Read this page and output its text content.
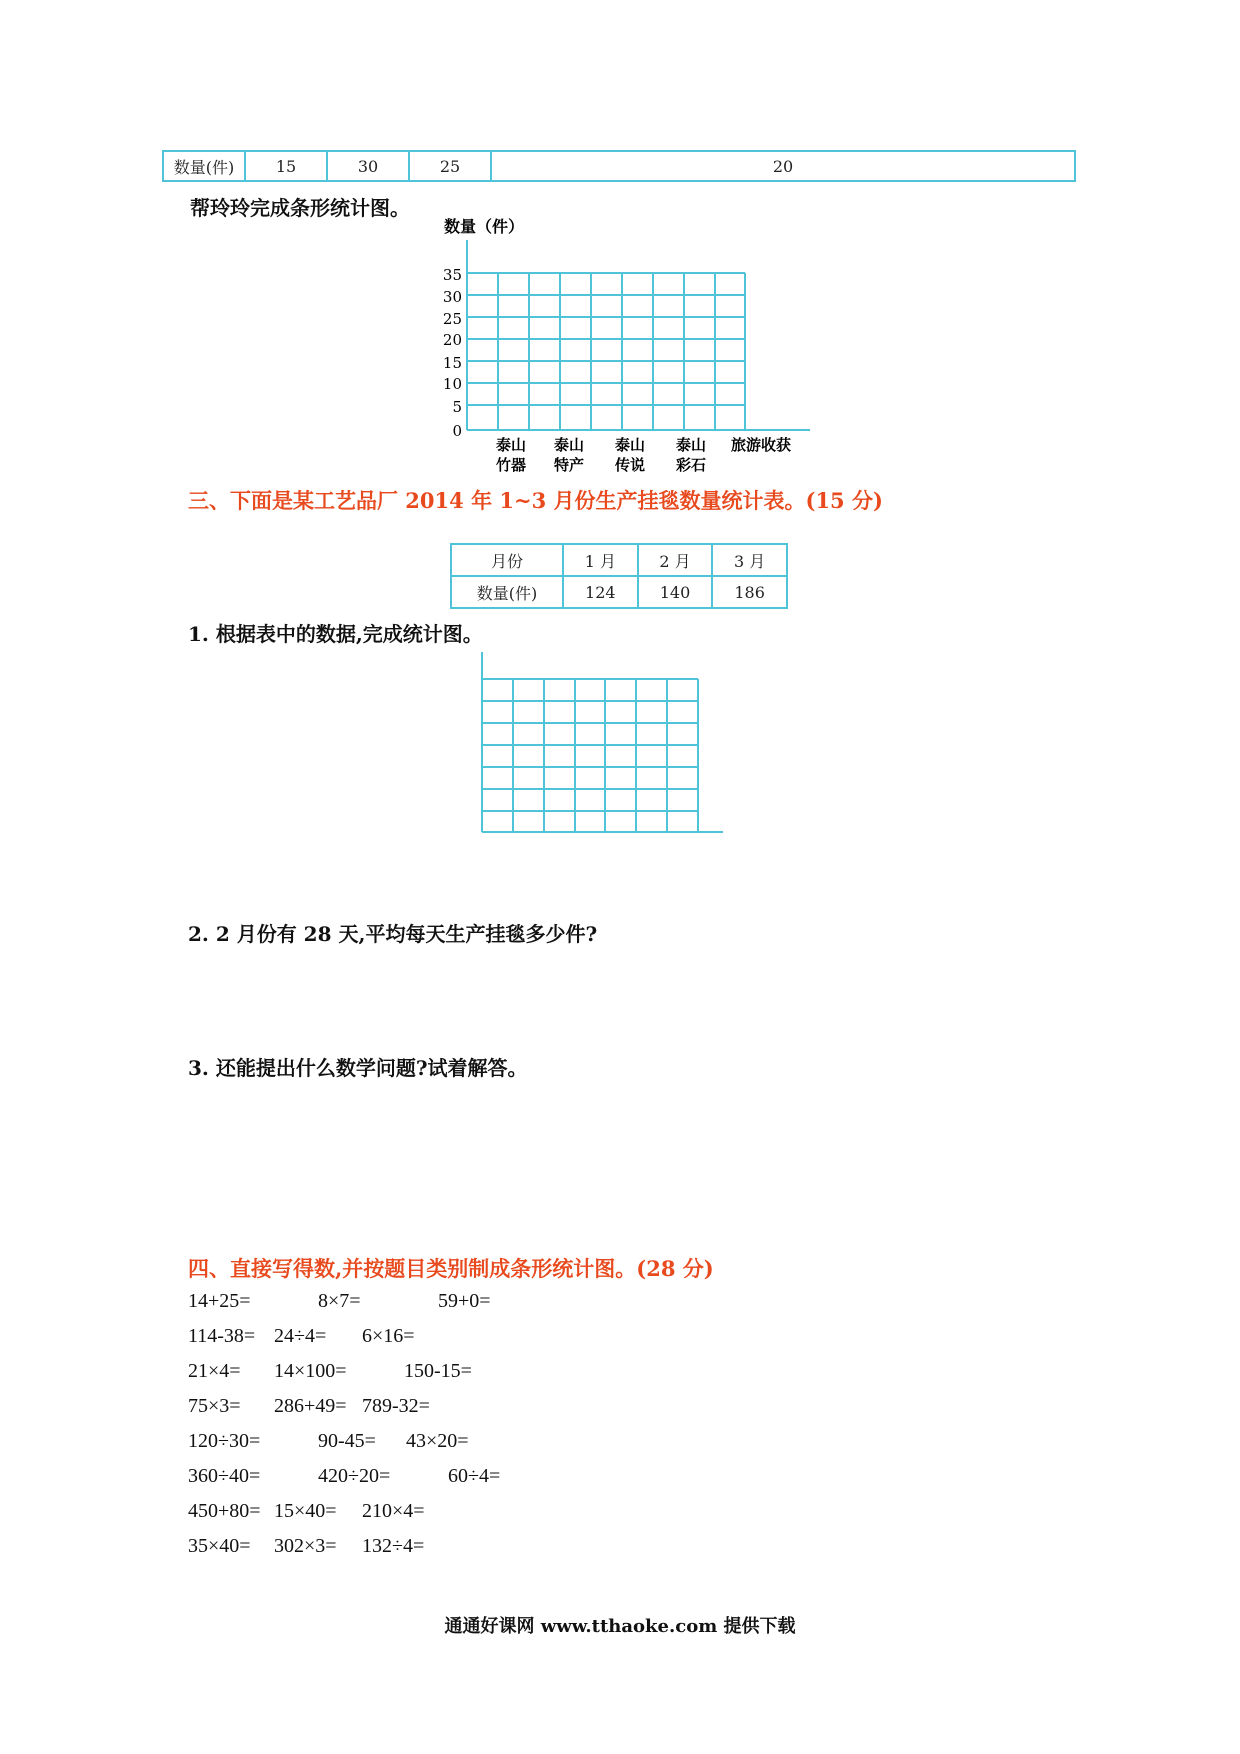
数量(件)	15	30	25	20
帮玲玲完成条形统计图。
数量（件）
35
30
25
20
15
10
5
0
泰山
竹器
泰山
特产
泰山
传说
泰山
彩石
旅游收获
三、下面是某工艺品厂 2014 年 1~3 月份生产挂毯数量统计表。(15 分)
月份	1 月	2 月	3 月
数量(件)	124	140	186
1. 根据表中的数据,完成统计图。
2. 2 月份有 28 天,平均每天生产挂毯多少件?
3. 还能提出什么数学问题?试着解答。
四、直接写得数,并按题目类别制成条形统计图。(28 分)
14+25=	8×7=	59+0=
114-38= 24÷4= 6×16=
21×4= 14×100=	150-15=
75×3= 286+49= 789-32=
120÷30=	90-45= 43×20=
360÷40=	420÷20=	60÷4=
450+80= 15×40= 210×4=
35×40= 302×3= 132÷4=
通通好课网 www.tthaoke.com 提供下载
